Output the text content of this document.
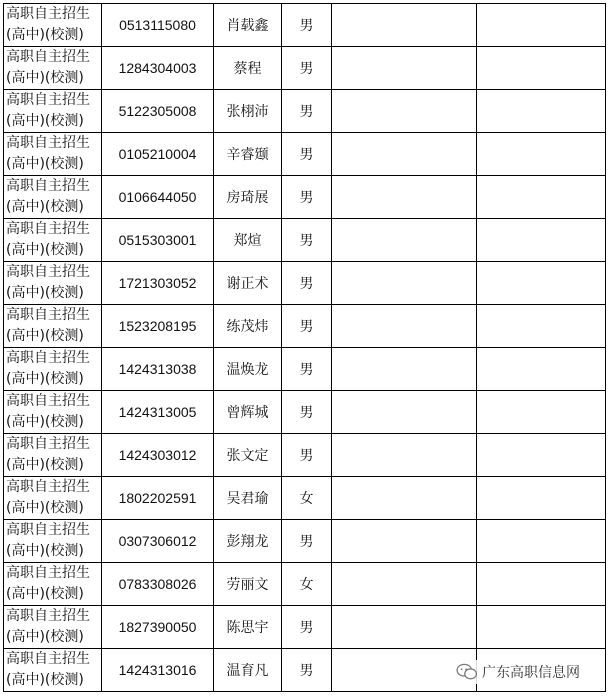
高职自主招生
(高中)(校测)	0513115080	肖载鑫	男		

高职自主招生
(高中)(校测)	1284304003	蔡程	男		

高职自主招生
(高中)(校测)	5122305008	张栩沛	男		

高职自主招生
(高中)(校测)	0105210004	辛睿颋	男		

高职自主招生
(高中)(校测)	0106644050	房琦展	男		

高职自主招生
(高中)(校测)	0515303001	郑煊	男		

高职自主招生
(高中)(校测)	1721303052	谢正术	男		

高职自主招生
(高中)(校测)	1523208195	练茂炜	男		

高职自主招生
(高中)(校测)	1424313038	温焕龙	男		

高职自主招生
(高中)(校测)	1424313005	曾辉城	男		

高职自主招生
(高中)(校测)	1424303012	张文定	男		

高职自主招生
(高中)(校测)	1802202591	吴君瑜	女		

高职自主招生
(高中)(校测)	0307306012	彭翔龙	男		

高职自主招生
(高中)(校测)	0783308026	劳丽文	女		

高职自主招生
(高中)(校测)	1827390050	陈思宇	男		

高职自主招生
(高中)(校测)	1424313016	温育凡	男			广东高职信息网
